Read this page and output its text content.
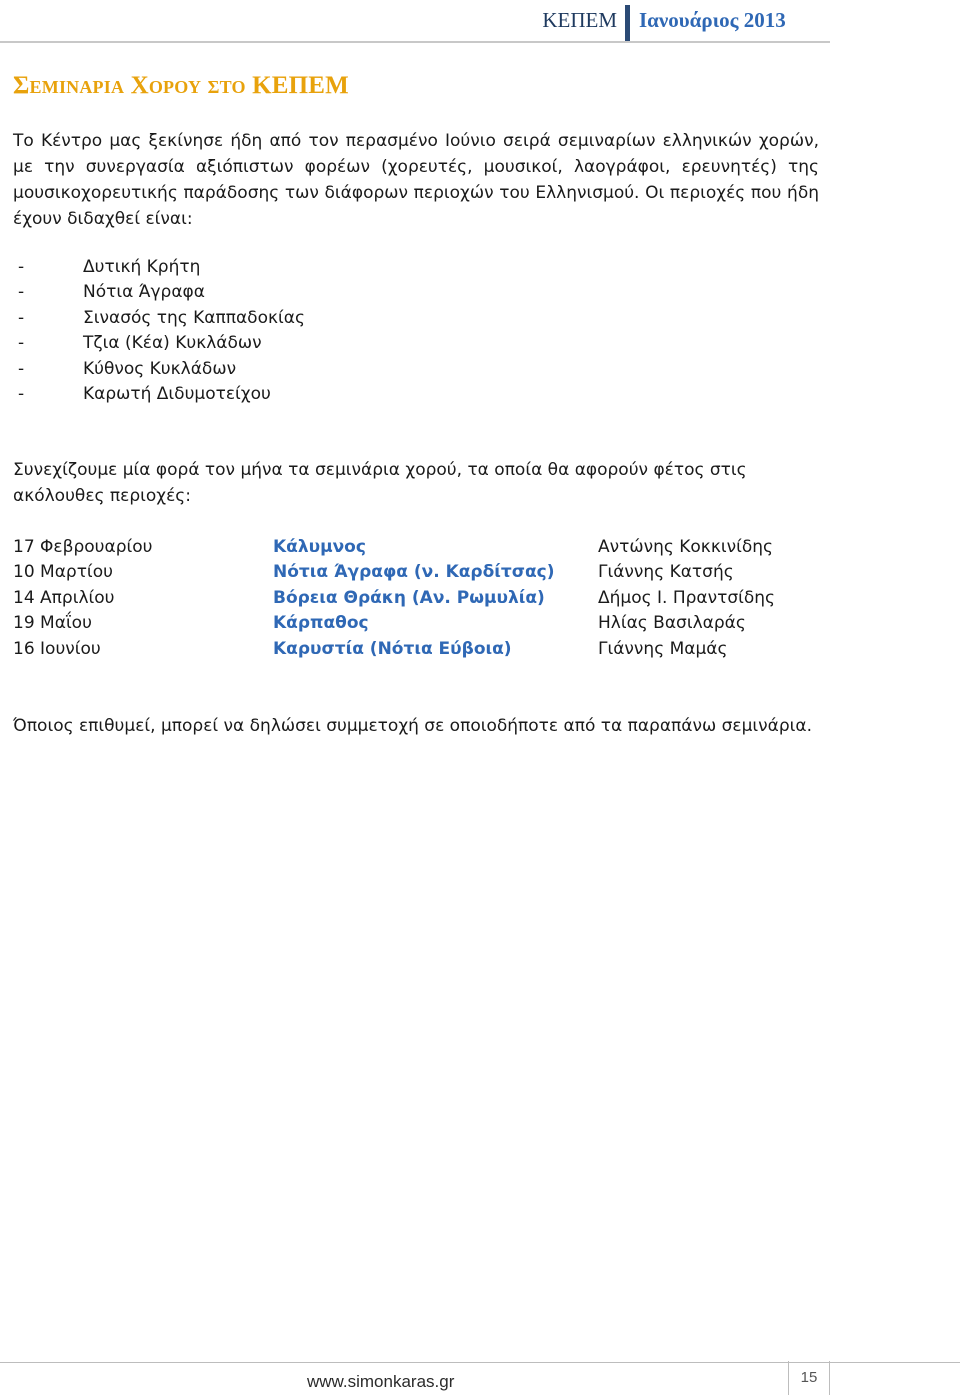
ΚΕΠΕΜ Ιανουάριος 2013
Σεμιναρια Χορου στο ΚΕΠΕΜ
Το Κέντρο μας ξεκίνησε ήδη από τον περασμένο Ιούνιο σειρά σεμιναρίων ελληνικών χορών, με την συνεργασία αξιόπιστων φορέων (χορευτές, μουσικοί, λαογράφοι, ερευνητές) της μουσικοχορευτικής παράδοσης των διάφορων περιοχών του Ελληνισμού. Οι περιοχές που ήδη έχουν διδαχθεί είναι:
-	Δυτική Κρήτη
-	Νότια Άγραφα
-	Σινασός της Καππαδοκίας
-	Τζια (Κέα) Κυκλάδων
-	Κύθνος Κυκλάδων
-	Καρωτή Διδυμοτείχου
Συνεχίζουμε μία φορά τον μήνα τα σεμινάρια χορού, τα οποία θα αφορούν φέτος στις ακόλουθες περιοχές:
17 Φεβρουαρίου	Κάλυμνος	Αντώνης Κοκκινίδης
10 Μαρτίου	Νότια Άγραφα (ν. Καρδίτσας)	Γιάννης Κατσής
14 Απριλίου	Βόρεια Θράκη (Αν. Ρωμυλία)	Δήμος Ι. Πραντσίδης
19 Μαΐου	Κάρπαθος	Ηλίας Βασιλαράς
16 Ιουνίου	Καρυστία (Νότια Εύβοια)	Γιάννης Μαμάς
Όποιος επιθυμεί, μπορεί να δηλώσει συμμετοχή σε οποιοδήποτε από τα παραπάνω σεμινάρια.
www.simonkaras.gr	15
